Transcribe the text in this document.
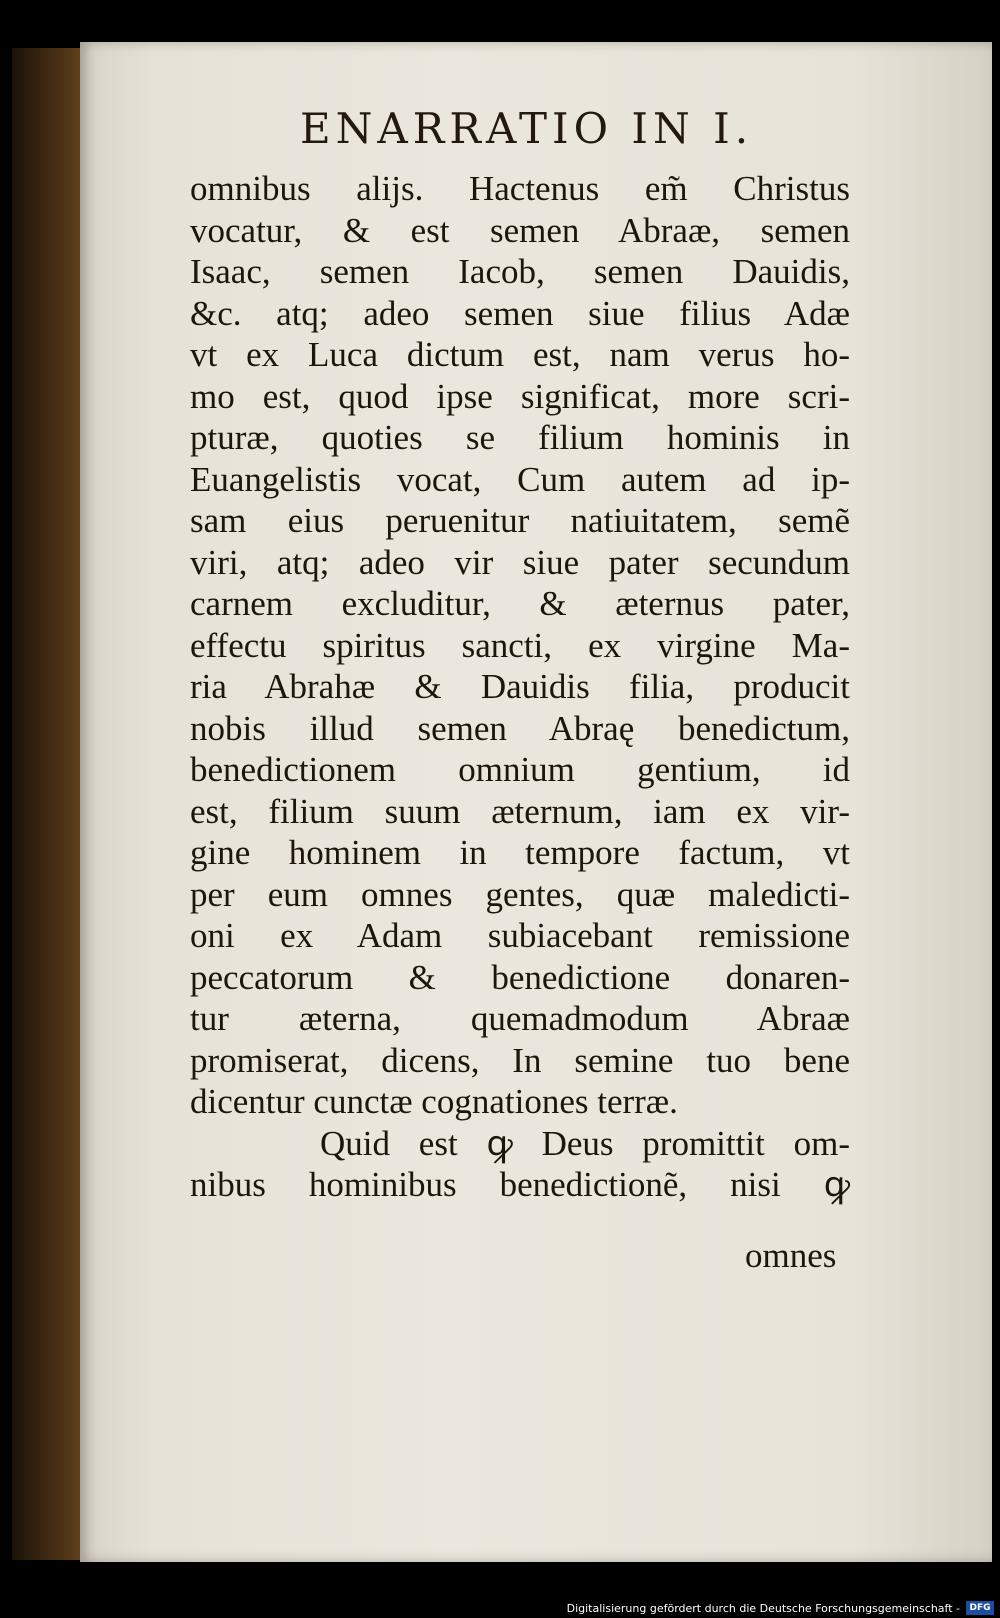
ENARRATIO IN I.
omnibus alijs. Hactenus em̃ Christus
vocatur, & est semen Abraæ, semen
Isaac, semen Iacob, semen Dauidis,
&c. atq; adeo semen siue filius Adæ
vt ex Luca dictum est, nam verus ho-
mo est, quod ipse significat, more scri-
pturæ, quoties se filium hominis in
Euangelistis vocat, Cum autem ad ip-
sam eius peruenitur natiuitatem, semẽ
viri, atq; adeo vir siue pater secundum
carnem excluditur, & æternus pater,
effectu spiritus sancti, ex virgine Ma-
ria Abrahæ & Dauidis filia, producit
nobis illud semen Abraę benedictum,
benedictionem omnium gentium, id
est, filium suum æternum, iam ex vir-
gine hominem in tempore factum, vt
per eum omnes gentes, quæ maledicti-
oni ex Adam subiacebant remissione
peccatorum & benedictione donaren-
tur æterna, quemadmodum Abraæ
promiserat, dicens, In semine tuo bene
dicentur cunctæ cognationes terræ.
Quid est ꝙ Deus promittit om-
nibus hominibus benedictionẽ, nisi ꝙ
omnes
Digitalisierung gefördert durch die Deutsche Forschungsgemeinschaft -	DFG
